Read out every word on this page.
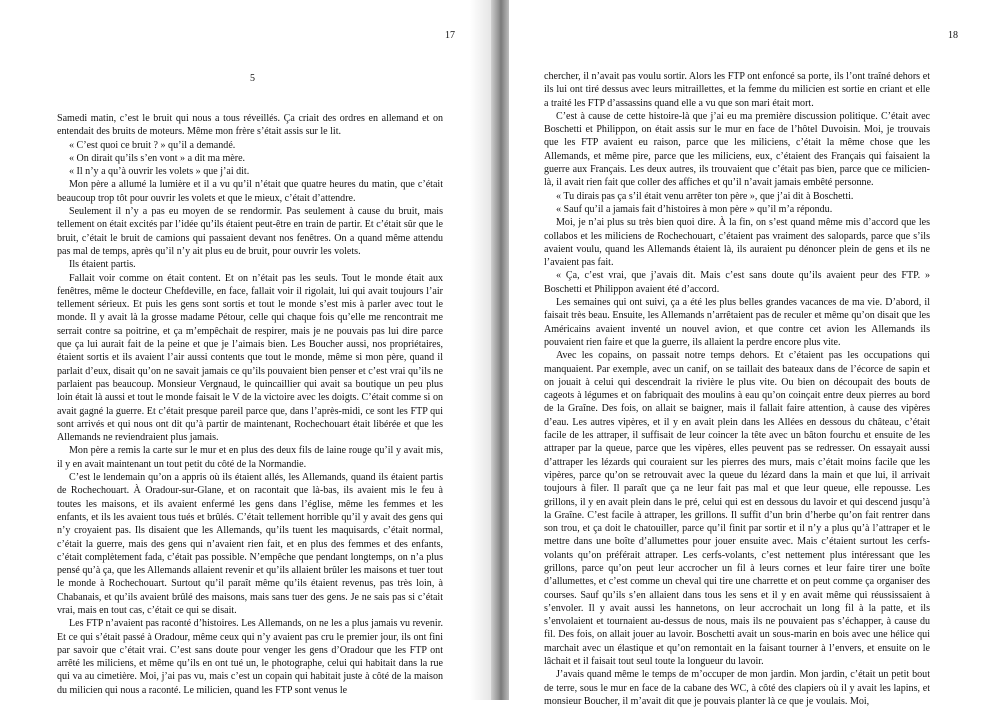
17
5

Samedi matin, c’est le bruit qui nous a tous réveillés. Ça criait des ordres en allemand et on entendait des bruits de moteurs. Même mon frère s’était assis sur le lit.

« C’est quoi ce bruit ? » qu’il a demandé.

« On dirait qu’ils s’en vont » a dit ma mère.

« Il n’y a qu’à ouvrir les volets » que j’ai dit.

Mon père a allumé la lumière et il a vu qu’il n’était que quatre heures du matin, que c’était beaucoup trop tôt pour ouvrir les volets et que le mieux, c’était d’attendre.

Seulement il n’y a pas eu moyen de se rendormir. Pas seulement à cause du bruit, mais tellement on était excités par l’idée qu’ils étaient peut-être en train de partir. Et c’était sûr que le bruit, c’était le bruit de camions qui passaient devant nos fenêtres. On a quand même attendu pas mal de temps, après qu’il n’y ait plus eu de bruit, pour ouvrir les volets.

Ils étaient partis.

Fallait voir comme on était content. Et on n’était pas les seuls. Tout le monde était aux fenêtres, même le docteur Chefdeville, en face, fallait voir il rigolait, lui qui avait toujours l’air tellement sérieux. Et puis les gens sont sortis et tout le monde s’est mis à parler avec tout le monde. Il y avait là la grosse madame Pétour, celle qui chaque fois qu’elle me rencontrait me serrait contre sa poitrine, et ça m’empêchait de respirer, mais je ne pouvais pas lui dire parce que ça lui aurait fait de la peine et que je l’aimais bien. Les Boucher aussi, nos propriétaires, étaient sortis et ils avaient l’air aussi contents que tout le monde, même si mon père, quand il parlait d’eux, disait qu’on ne savait jamais ce qu’ils pouvaient bien penser et c’est vrai qu’ils ne parlaient pas beaucoup. Monsieur Vergnaud, le quincaillier qui avait sa boutique un peu plus loin était là aussi et tout le monde faisait le V de la victoire avec les doigts. C’était comme si on avait gagné la guerre. Et c’était presque pareil parce que, dans l’après-midi, ce sont les FTP qui sont arrivés et qui nous ont dit qu’à partir de maintenant, Rochechouart était libérée et que les Allemands ne reviendraient plus jamais.

Mon père a remis la carte sur le mur et en plus des deux fils de laine rouge qu’il y avait mis, il y en avait maintenant un tout petit du côté de la Normandie.

C’est le lendemain qu’on a appris où ils étaient allés, les Allemands, quand ils étaient partis de Rochechouart. À Oradour-sur-Glane, et on racontait que là-bas, ils avaient mis le feu à toutes les maisons, et ils avaient enfermé les gens dans l’église, même les femmes et les enfants, et ils les avaient tous tués et brûlés. C’était tellement horrible qu’il y avait des gens qui n’y croyaient pas. Ils disaient que les Allemands, qu’ils tuent les maquisards, c’était normal, c’était la guerre, mais des gens qui n’avaient rien fait, et en plus des femmes et des enfants, c’était complètement fada, c’était pas possible. N’empêche que pendant longtemps, on n’a plus pensé qu’à ça, que les Allemands allaient revenir et qu’ils allaient brûler les maisons et tuer tout le monde à Rochechouart. Surtout qu’il paraît même qu’ils étaient revenus, pas très loin, à Chabanais, et qu’ils avaient brûlé des maisons, mais sans tuer des gens. Je ne sais pas si c’était vrai, mais en tout cas, c’était ce qui se disait.

Les FTP n’avaient pas raconté d’histoires. Les Allemands, on ne les a plus jamais vu revenir. Et ce qui s’était passé à Oradour, même ceux qui n’y avaient pas cru le premier jour, ils ont fini par savoir que c’était vrai. C’est sans doute pour venger les gens d’Oradour que les FTP ont arrêté les miliciens, et même qu’ils en ont tué un, le photographe, celui qui habitait dans la rue qui va au cimetière. Moi, j’ai pas vu, mais c’est un copain qui habitait juste à côté de la maison du milicien qui nous a raconté. Le milicien, quand les FTP sont venus le

18

chercher, il n’avait pas voulu sortir. Alors les FTP ont enfoncé sa porte, ils l’ont traîné dehors et ils lui ont tiré dessus avec leurs mitraillettes, et la femme du milicien est sortie en criant et elle a traité les FTP d’assassins quand elle a vu que son mari était mort.

C’est à cause de cette histoire-là que j’ai eu ma première discussion politique. C’était avec Boschetti et Philippon, on était assis sur le mur en face de l’hôtel Duvoisin. Moi, je trouvais que les FTP avaient eu raison, parce que les miliciens, c’était la même chose que les Allemands, et même pire, parce que les miliciens, eux, c’étaient des Français qui faisaient la guerre aux Français. Les deux autres, ils trouvaient que c’était pas bien, parce que ce milicien-là, il avait rien fait que coller des affiches et qu’il n’avait jamais embêté personne.

« Tu dirais pas ça s’il était venu arrêter ton père », que j’ai dit à Boschetti.

« Sauf qu’il a jamais fait d’histoires à mon père » qu’il m’a répondu.

Moi, je n’ai plus su très bien quoi dire. À la fin, on s’est quand même mis d’accord que les collabos et les miliciens de Rochechouart, c’étaient pas vraiment des salopards, parce que s’ils avaient voulu, quand les Allemands étaient là, ils auraient pu dénoncer plein de gens et ils ne l’avaient pas fait.

« Ça, c’est vrai, que j’avais dit. Mais c’est sans doute qu’ils avaient peur des FTP. » Boschetti et Philippon avaient été d’accord.

Les semaines qui ont suivi, ça a été les plus belles grandes vacances de ma vie. D’abord, il faisait très beau. Ensuite, les Allemands n’arrêtaient pas de reculer et même qu’on disait que les Américains avaient inventé un nouvel avion, et que contre cet avion les Allemands ils pouvaient rien faire et que la guerre, ils allaient la perdre encore plus vite.

Avec les copains, on passait notre temps dehors. Et c’étaient pas les occupations qui manquaient. Par exemple, avec un canif, on se taillait des bateaux dans de l’écorce de sapin et on jouait à celui qui descendrait la rivière le plus vite. Ou bien on découpait des bouts de cageots à légumes et on fabriquait des moulins à eau qu’on coinçait entre deux pierres au bord de la Graîne. Des fois, on allait se baigner, mais il fallait faire attention, à cause des vipères d’eau. Les autres vipères, et il y en avait plein dans les Allées en dessous du château, c’était facile de les attraper, il suffisait de leur coincer la tête avec un bâton fourchu et ensuite de les attraper par la queue, parce que les vipères, elles peuvent pas se redresser. On essayait aussi d’attraper les lézards qui couraient sur les pierres des murs, mais c’était moins facile que les vipères, parce qu’on se retrouvait avec la queue du lézard dans la main et que lui, il arrivait toujours à filer. Il paraît que ça ne leur fait pas mal et que leur queue, elle repousse. Les grillons, il y en avait plein dans le pré, celui qui est en dessous du lavoir et qui descend jusqu’à la Graîne. C’est facile à attraper, les grillons. Il suffit d’un brin d’herbe qu’on fait rentrer dans son trou, et ça doit le chatouiller, parce qu’il finit par sortir et il n’y a plus qu’à l’attraper et le mettre dans une boîte d’allumettes pour jouer ensuite avec. Mais c’étaient surtout les cerfs-volants qu’on préférait attraper. Les cerfs-volants, c’est nettement plus intéressant que les grillons, parce qu’on peut leur accrocher un fil à leurs cornes et leur faire tirer une boîte d’allumettes, et c’est comme un cheval qui tire une charrette et on peut comme ça organiser des courses. Sauf qu’ils s’en allaient dans tous les sens et il y en avait même qui réussissaient à s’envoler. Il y avait aussi les hannetons, on leur accrochait un long fil à la patte, et ils s’envolaient et tournaient au-dessus de nous, mais ils ne pouvaient pas s’échapper, à cause du fil. Des fois, on allait jouer au lavoir. Boschetti avait un sous-marin en bois avec une hélice qui marchait avec un élastique et qu’on remontait en la faisant tourner à l’envers, et ensuite on le lâchait et il faisait tout seul toute la longueur du lavoir.

J’avais quand même le temps de m’occuper de mon jardin. Mon jardin, c’était un petit bout de terre, sous le mur en face de la cabane des WC, à côté des clapiers où il y avait les lapins, et monsieur Boucher, il m’avait dit que je pouvais planter là ce que je voulais. Moi,
